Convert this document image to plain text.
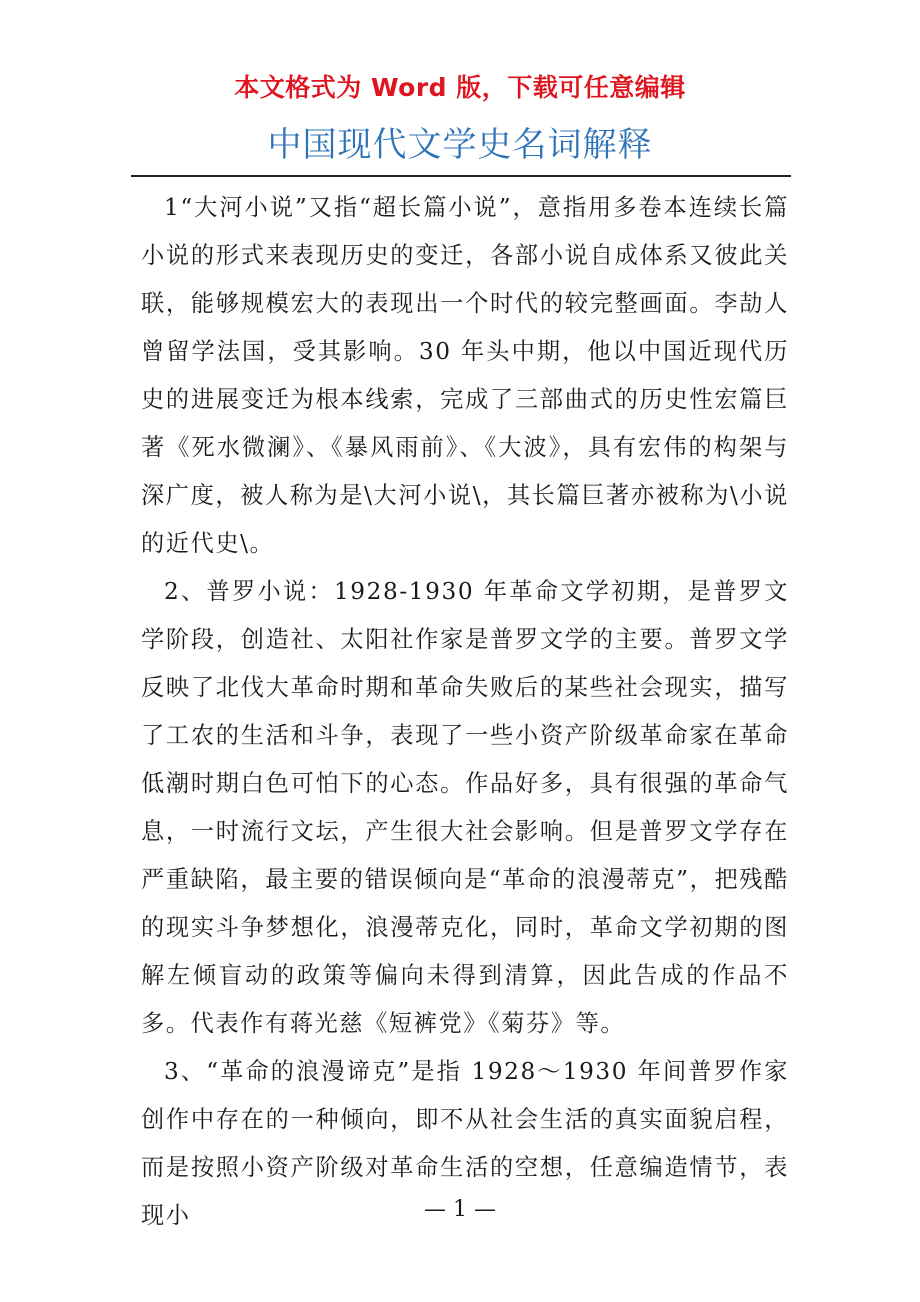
本文格式为 Word 版，下载可任意编辑
中国现代文学史名词解释

1“大河小说”又指“超长篇小说”，意指用多卷本连续长篇小说的形式来表现历史的变迁，各部小说自成体系又彼此关联，能够规模宏大的表现出一个时代的较完整画面。李劼人曾留学法国，受其影响。30 年头中期，他以中国近现代历史的进展变迁为根本线索，完成了三部曲式的历史性宏篇巨著《死水微澜》、《暴风雨前》、《大波》，具有宏伟的构架与深广度，被人称为是\大河小说\，其长篇巨著亦被称为\小说的近代史\。

2、普罗小说：1928-1930 年革命文学初期，是普罗文学阶段，创造社、太阳社作家是普罗文学的主要。普罗文学反映了北伐大革命时期和革命失败后的某些社会现实，描写了工农的生活和斗争，表现了一些小资产阶级革命家在革命低潮时期白色可怕下的心态。作品好多，具有很强的革命气息，一时流行文坛，产生很大社会影响。但是普罗文学存在严重缺陷，最主要的错误倾向是“革命的浪漫蒂克”，把残酷的现实斗争梦想化，浪漫蒂克化，同时，革命文学初期的图解左倾盲动的政策等偏向未得到清算，因此告成的作品不多。代表作有蒋光慈《短裤党》《菊芬》等。

3、“革命的浪漫谛克”是指 1928～1930 年间普罗作家创作中存在的一种倾向，即不从社会生活的真实面貌启程，而是按照小资产阶级对革命生活的空想，任意编造情节，表现小	— 1 —
